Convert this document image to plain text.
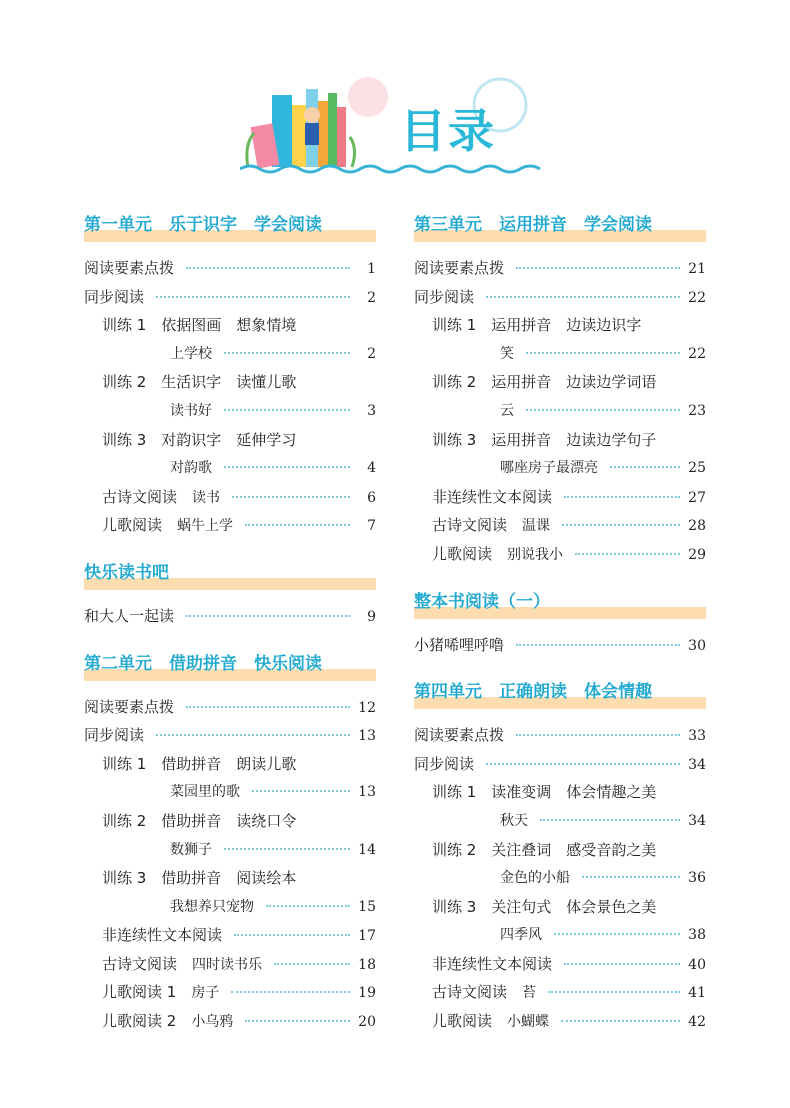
目录
第一单元　乐于识字　学会阅读
阅读要素点拨	1
同步阅读	2
训练 1　依据图画　想象情境
上学校	2
训练 2　生活识字　读懂儿歌
读书好	3
训练 3　对韵识字　延伸学习
对韵歌	4
古诗文阅读　 读书	6
儿歌阅读　 蜗牛上学	7
快乐读书吧
和大人一起读	9
第二单元　借助拼音　快乐阅读
阅读要素点拨	12
同步阅读	13
训练 1　借助拼音　朗读儿歌
菜园里的歌	13
训练 2　借助拼音　读绕口令
数狮子	14
训练 3　借助拼音　阅读绘本
我想养只宠物	15
非连续性文本阅读	17
古诗文阅读　 四时读书乐	18
儿歌阅读 1　 房子	19
儿歌阅读 2　 小乌鸦	20
第三单元　运用拼音　学会阅读
阅读要素点拨	21
同步阅读	22
训练 1　运用拼音　边读边识字
笑	22
训练 2　运用拼音　边读边学词语
云	23
训练 3　运用拼音　边读边学句子
哪座房子最漂亮	25
非连续性文本阅读	27
古诗文阅读　 温课	28
儿歌阅读　 别说我小	29
整本书阅读（一）
小猪唏哩呼噜	30
第四单元　正确朗读　体会情趣
阅读要素点拨	33
同步阅读	34
训练 1　读准变调　体会情趣之美
秋天	34
训练 2　关注叠词　感受音韵之美
金色的小船	36
训练 3　关注句式　体会景色之美
四季风	38
非连续性文本阅读	40
古诗文阅读　 苔	41
儿歌阅读　 小蝴蝶	42
